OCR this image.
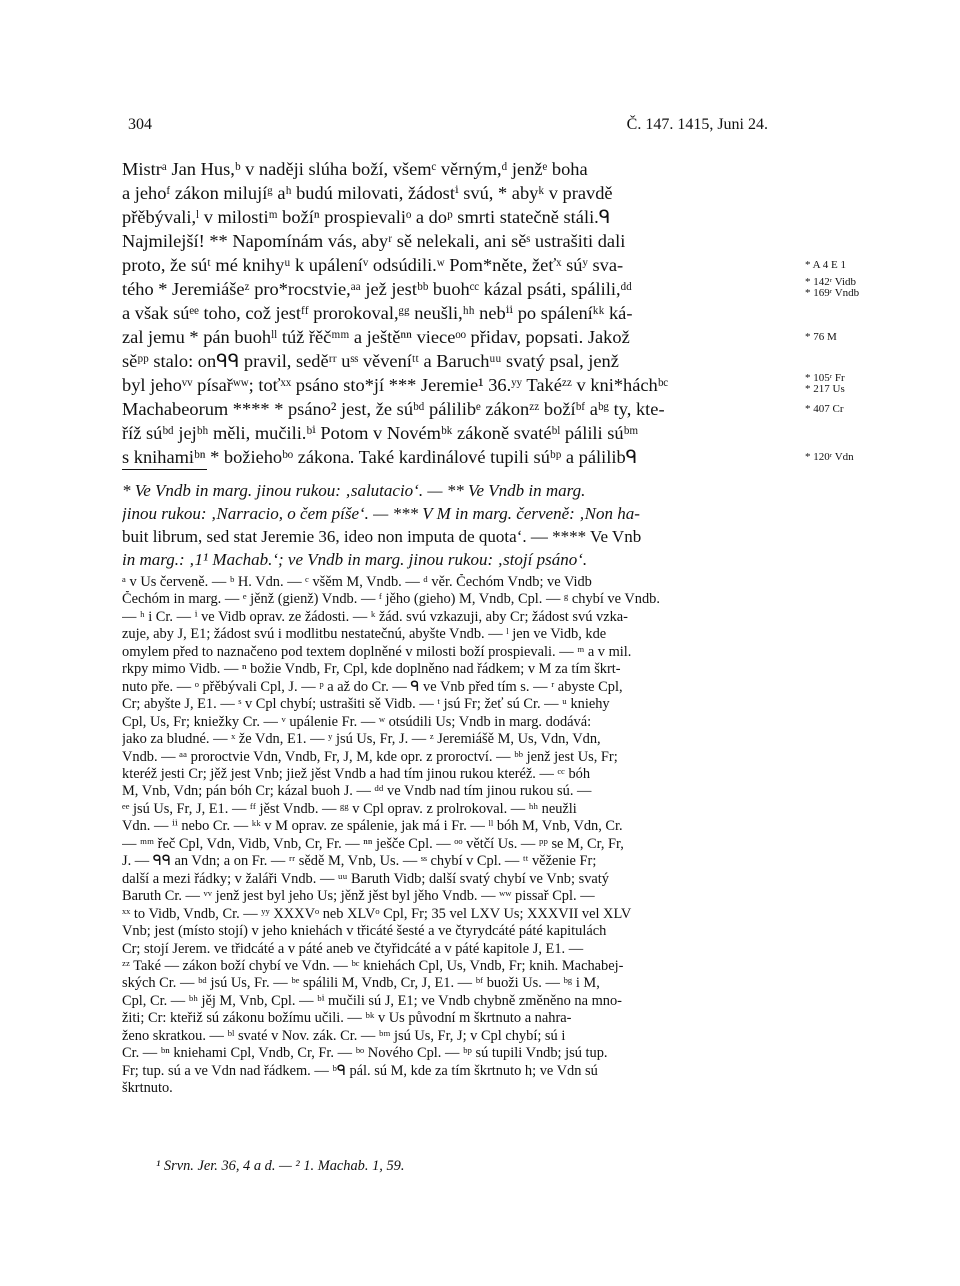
304	Č. 147. 1415, Juni 24.
Mistrᵃ Jan Hus,ᵇ v naději slúha boží, všemᶜ věrným,ᵈ jenžᵉ boha
a jehoᶠ zákon milujíᵍ aʰ budú milovati, žádostⁱ svú, * abyᵏ v pravdě
přěbývali,ˡ v milostiᵐ božíⁿ prospievaliᵒ a doᵖ smrti statečně stáli.ᑫ
Najmilejší! ** Napomínám vás, abyʳ sě nelekali, ani sěˢ ustrašiti dali
proto, že súᵗ mé knihyᵘ k upáleníᵛ odsúdili.ʷ Pom*něte, žeťˣ súʸ sva-
tého * Jeremiášeᶻ pro*rocstvie,ᵃᵃ jež jestᵇᵇ buohᶜᶜ kázal psáti, spálili,ᵈᵈ
a však súᵉᵉ toho, což jestᶠᶠ prorokoval,ᵍᵍ neušli,ʰʰ nebⁱⁱ po spáleníᵏᵏ ká-
zal jemu * pán buohˡˡ túž řěčᵐᵐ a ještěⁿⁿ vieceᵒᵒ přidav, popsati. Jakož
sěᵖᵖ stalo: onᑫᑫ pravil, seděʳʳ uˢˢ věveníᵗᵗ a Baruchᵘᵘ svatý psal, jenž
byl jehoᵛᵛ písařʷʷ; toťˣˣ psáno sto*jí *** Jeremie¹ 36.ʸʸ Takéᶻᶻ v kni*háchᵇᶜ
Machabeorum **** * psáno² jest, že súᵇᵈ pálilibᵉ zákonᶻᶻ božíᵇᶠ aᵇᵍ ty, kte-
říž súᵇᵈ jejᵇʰ měli, mučili.ᵇⁱ Potom v Novémᵇᵏ zákoně svatéᵇˡ pálili súᵇᵐ
s knihamiᵇⁿ * božiehoᵇᵒ zákona. Také kardinálové tupili súᵇᵖ a pálilibᑫ
* A 4 E 1
* 142ʳ Vidb
* 169ʳ Vndb
* 76 M
* 105ʳ Fr
* 217 Us
* 407 Cr
* 120ʳ Vdn
* Ve Vndb in marg. jinou rukou: ‚salutacio‘. — ** Ve Vndb in marg.
jinou rukou: ‚Narracio, o čem píše‘. — *** V M in marg. červeně: ‚Non ha-
buit librum, sed stat Jeremie 36, ideo non imputa de quota‘. — **** Ve Vnb
in marg.: ‚1¹ Machab.‘; ve Vndb in marg. jinou rukou: ‚stojí psáno‘.
ᵃ v Us červeně. — ᵇ H. Vdn. — ᶜ všěm M, Vndb. — ᵈ věr. Čechóm Vndb; ve Vidb
Čechóm in marg. — ᵉ jěnž (gienž) Vndb. — ᶠ jěho (gieho) M, Vndb, Cpl. — ᵍ chybí ve Vndb.
— ʰ i Cr. — ⁱ ve Vidb oprav. ze žádosti. — ᵏ žád. svú vzkazuji, aby Cr; žádost svú vzka-
zuje, aby J, E1; žádost svú i modlitbu nestatečnú, abyšte Vndb. — ˡ jen ve Vidb, kde
omylem před to naznačeno pod textem doplněné v milosti boží prospievali. — ᵐ a v mil.
rkpy mimo Vidb. — ⁿ božie Vndb, Fr, Cpl, kde doplněno nad řádkem; v M za tím škrt-
nuto pře. — ᵒ přěbývali Cpl, J. — ᵖ a až do Cr. — ᑫ ve Vnb před tím s. — ʳ abyste Cpl,
Cr; abyšte J, E1. — ˢ v Cpl chybí; ustrašiti sě Vidb. — ᵗ jsú Fr; žeť sú Cr. — ᵘ kniehy
Cpl, Us, Fr; kniežky Cr. — ᵛ upálenie Fr. — ʷ otsúdili Us; Vndb in marg. dodává:
jako za bludné. — ˣ že Vdn, E1. — ʸ jsú Us, Fr, J. — ᶻ Jeremiášě M, Us, Vdn, Vdn,
Vndb. — ᵃᵃ proroctvie Vdn, Vndb, Fr, J, M, kde opr. z proroctví. — ᵇᵇ jenž jest Us, Fr;
kteréž jesti Cr; jěž jest Vnb; jiež jěst Vndb a had tím jinou rukou kteréž. — ᶜᶜ bóh
M, Vnb, Vdn; pán bóh Cr; kázal buoh J. — ᵈᵈ ve Vndb nad tím jinou rukou sú. —
ᵉᵉ jsú Us, Fr, J, E1. — ᶠᶠ jěst Vndb. — ᵍᵍ v Cpl oprav. z prolrokoval. — ʰʰ neužli
Vdn. — ⁱⁱ nebo Cr. — ᵏᵏ v M oprav. ze spálenie, jak má i Fr. — ˡˡ bóh M, Vnb, Vdn, Cr.
— ᵐᵐ řeč Cpl, Vdn, Vidb, Vnb, Cr, Fr. — ⁿⁿ ješče Cpl. — ᵒᵒ větčí Us. — ᵖᵖ se M, Cr, Fr,
J. — ᑫᑫ an Vdn; a on Fr. — ʳʳ sědě M, Vnb, Us. — ˢˢ chybí v Cpl. — ᵗᵗ věženie Fr;
další a mezi řádky; v žaláři Vndb. — ᵘᵘ Baruth Vidb; další svatý chybí ve Vnb; svatý
Baruth Cr. — ᵛᵛ jenž jest byl jeho Us; jěnž jěst byl jěho Vndb. — ʷʷ pissař Cpl. —
ˣˣ to Vidb, Vndb, Cr. — ʸʸ XXXVᵒ neb XLVᵒ Cpl, Fr; 35 vel LXV Us; XXXVII vel XLV
Vnb; jest (místo stojí) v jeho kniehách v třicáté šesté a ve čtyrydcáté páté kapitulách
Cr; stojí Jerem. ve třidcáté a v páté aneb ve čtyřidcáté a v páté kapitole J, E1. —
ᶻᶻ Také — zákon boží chybí ve Vdn. — ᵇᶜ kniehách Cpl, Us, Vndb, Fr; knih. Machabej-
ských Cr. — ᵇᵈ jsú Us, Fr. — ᵇᵉ spálili M, Vndb, Cr, J, E1. — ᵇᶠ buoži Us. — ᵇᵍ i M,
Cpl, Cr. — ᵇʰ jěj M, Vnb, Cpl. — ᵇⁱ mučili sú J, E1; ve Vndb chybně změněno na mno-
žiti; Cr: kteřiž sú zákonu božímu učili. — ᵇᵏ v Us původní m škrtnuto a nahra-
ženo skratkou. — ᵇˡ svaté v Nov. zák. Cr. — ᵇᵐ jsú Us, Fr, J; v Cpl chybí; sú i
Cr. — ᵇⁿ kniehami Cpl, Vndb, Cr, Fr. — ᵇᵒ Nového Cpl. — ᵇᵖ sú tupili Vndb; jsú tup.
Fr; tup. sú a ve Vdn nad řádkem. — ᵇᑫ pál. sú M, kde za tím škrtnuto h; ve Vdn sú
škrtnuto.
¹ Srvn. Jer. 36, 4 a d. — ² 1. Machab. 1, 59.
